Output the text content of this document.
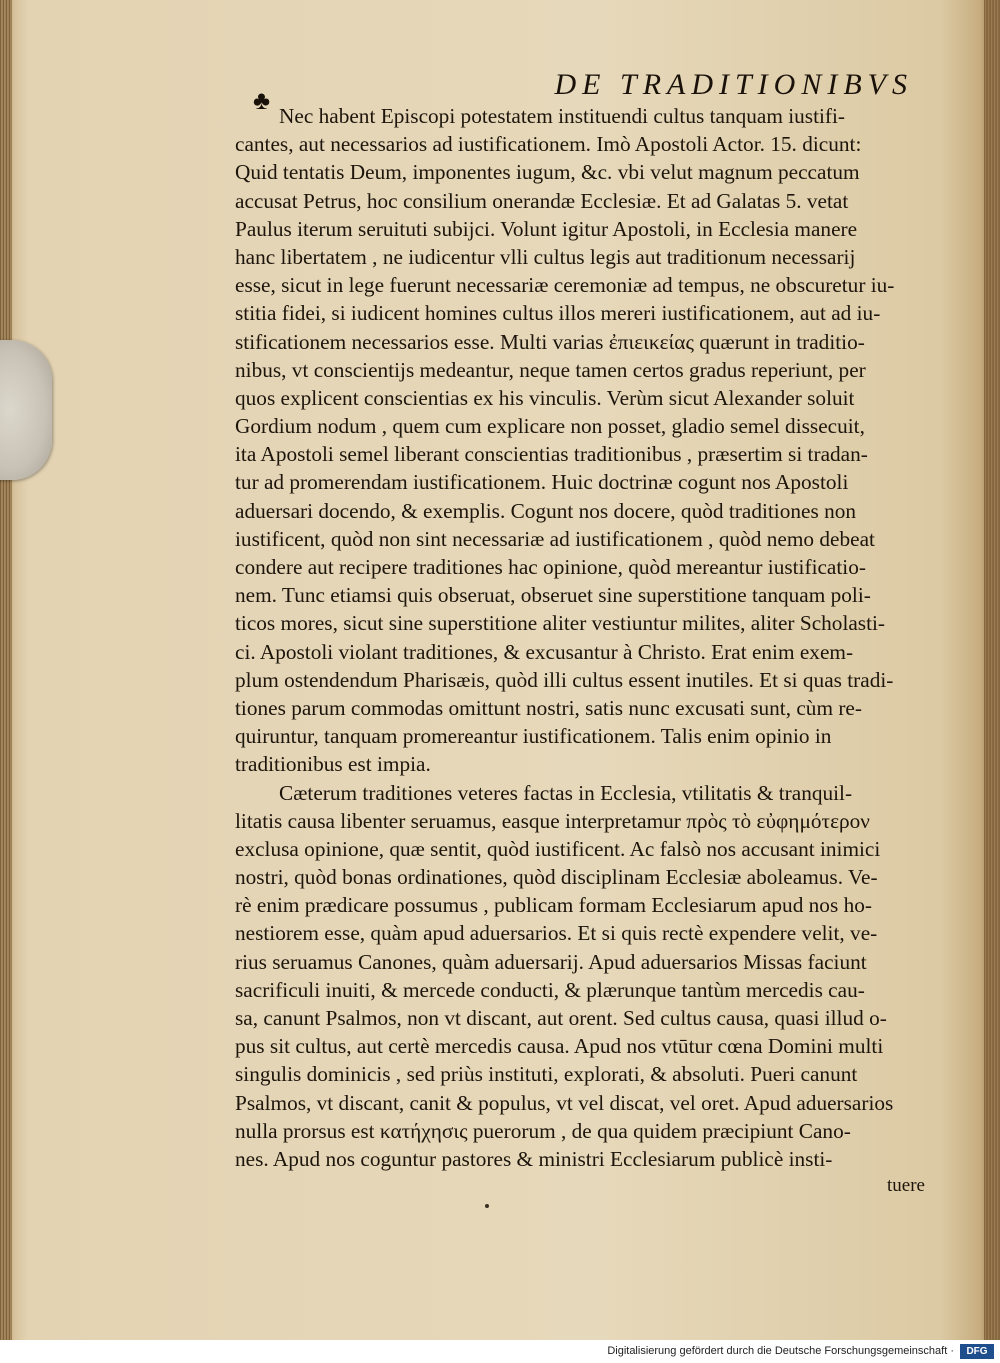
♣	DE TRADITIONIBVS
Nec habent Episcopi potestatem instituendi cultus tanquam iustifi-
cantes, aut necessarios ad iustificationem. Imò Apostoli Actor. 15. dicunt:
Quid tentatis Deum, imponentes iugum, &c. vbi velut magnum peccatum
accusat Petrus, hoc consilium onerandæ Ecclesiæ. Et ad Galatas 5. vetat
Paulus iterum seruituti subijci. Volunt igitur Apostoli, in Ecclesia manere
hanc libertatem , ne iudicentur vlli cultus legis aut traditionum necessarij
esse, sicut in lege fuerunt necessariæ ceremoniæ ad tempus, ne obscuretur iu-
stitia fidei, si iudicent homines cultus illos mereri iustificationem, aut ad iu-
stificationem necessarios esse. Multi varias ἐπιεικείας quærunt in traditio-
nibus, vt conscientijs medeantur, neque tamen certos gradus reperiunt, per
quos explicent conscientias ex his vinculis. Verùm sicut Alexander soluit
Gordium nodum , quem cum explicare non posset, gladio semel dissecuit,
ita Apostoli semel liberant conscientias traditionibus , præsertim si tradan-
tur ad promerendam iustificationem. Huic doctrinæ cogunt nos Apostoli
aduersari docendo, & exemplis. Cogunt nos docere, quòd traditiones non
iustificent, quòd non sint necessariæ ad iustificationem , quòd nemo debeat
condere aut recipere traditiones hac opinione, quòd mereantur iustificatio-
nem. Tunc etiamsi quis obseruat, obseruet sine superstitione tanquam poli-
ticos mores, sicut sine superstitione aliter vestiuntur milites, aliter Scholasti-
ci. Apostoli violant traditiones, & excusantur à Christo. Erat enim exem-
plum ostendendum Pharisæis, quòd illi cultus essent inutiles. Et si quas tradi-
tiones parum commodas omittunt nostri, satis nunc excusati sunt, cùm re-
quiruntur, tanquam promereantur iustificationem. Talis enim opinio in
traditionibus est impia.
Cæterum traditiones veteres factas in Ecclesia, vtilitatis & tranquil-
litatis causa libenter seruamus, easque interpretamur πρὸς τὸ εὐφημότερον
exclusa opinione, quæ sentit, quòd iustificent. Ac falsò nos accusant inimici
nostri, quòd bonas ordinationes, quòd disciplinam Ecclesiæ aboleamus. Ve-
rè enim prædicare possumus , publicam formam Ecclesiarum apud nos ho-
nestiorem esse, quàm apud aduersarios. Et si quis rectè expendere velit, ve-
rius seruamus Canones, quàm aduersarij. Apud aduersarios Missas faciunt
sacrificuli inuiti, & mercede conducti, & plærunque tantùm mercedis cau-
sa, canunt Psalmos, non vt discant, aut orent. Sed cultus causa, quasi illud o-
pus sit cultus, aut certè mercedis causa. Apud nos vtūtur cœna Domini multi
singulis dominicis , sed priùs instituti, explorati, & absoluti. Pueri canunt
Psalmos, vt discant, canit & populus, vt vel discat, vel oret. Apud aduersarios
nulla prorsus est κατήχησις puerorum , de qua quidem præcipiunt Cano-
nes. Apud nos coguntur pastores & ministri Ecclesiarum publicè insti-
tuere
Digitalisierung gefördert durch die Deutsche Forschungsgemeinschaft ·	DFG
